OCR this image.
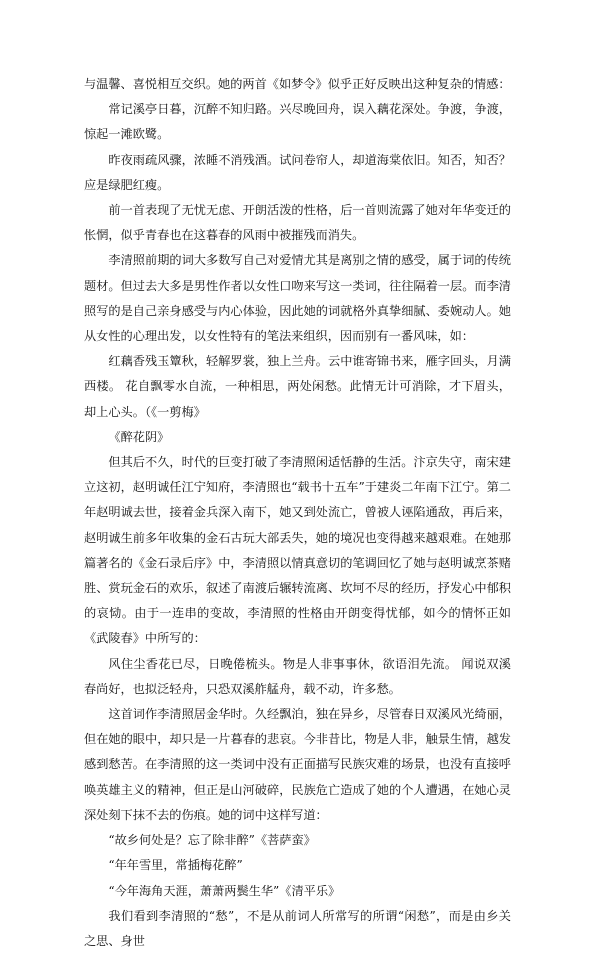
与温馨、喜悦相互交织。她的两首《如梦令》似乎正好反映出这种复杂的情感：

常记溪亭日暮，沉醉不知归路。兴尽晚回舟，误入藕花深处。争渡，争渡，惊起一滩欧鹭。

昨夜雨疏风骤，浓睡不消残酒。试问卷帘人，却道海棠依旧。知否，知否？应是绿肥红瘦。

前一首表现了无忧无虑、开朗活泼的性格，后一首则流露了她对年华变迁的怅惘，似乎青春也在这暮春的风雨中被摧残而消失。

李清照前期的词大多数写自己对爱情尤其是离别之情的感受，属于词的传统题材。但过去大多是男性作者以女性口吻来写这一类词，往往隔着一层。而李清照写的是自己亲身感受与内心体验，因此她的词就格外真挚细腻、委婉动人。她从女性的心理出发，以女性特有的笔法来组织，因而别有一番风味，如：

红藕香残玉簟秋，轻解罗裳，独上兰舟。云中谁寄锦书来，雁字回头，月满西楼。 花自飘零水自流，一种相思，两处闲愁。此情无计可消除，才下眉头，却上心头。（《一剪梅》

《醉花阴》

但其后不久，时代的巨变打破了李清照闲适恬静的生活。汴京失守，南宋建立这初，赵明诚任江宁知府，李清照也“载书十五车”于建炎二年南下江宁。第二年赵明诚去世，接着金兵深入南下，她又到处流亡，曾被人诬陷通敌，再后来，赵明诚生前多年收集的金石古玩大部丢失，她的境况也变得越来越艰难。在她那篇著名的《金石录后序》中，李清照以情真意切的笔调回忆了她与赵明诚烹茶赌胜、赏玩金石的欢乐，叙述了南渡后辗转流离、坎坷不尽的经历，抒发心中郁积的哀恸。由于一连串的变故，李清照的性格由开朗变得忧郁，如今的情怀正如《武陵春》中所写的：

风住尘香花已尽，日晚倦梳头。物是人非事事休，欲语泪先流。 闻说双溪春尚好，也拟泛轻舟，只恐双溪舴艋舟，载不动，许多愁。

这首词作李清照居金华时。久经飘泊，独在异乡，尽管春日双溪风光绮丽，但在她的眼中，却只是一片暮春的悲哀。今非昔比，物是人非，触景生情，越发感到愁苦。在李清照的这一类词中没有正面描写民族灾难的场景，也没有直接呼唤英雄主义的精神，但正是山河破碎，民族危亡造成了她的个人遭遇，在她心灵深处刻下抹不去的伤痕。她的词中这样写道：

“故乡何处是？忘了除非醉”《菩萨蛮》

“年年雪里，常插梅花醉”

“今年海角天涯，萧萧两鬓生华”《清平乐》

我们看到李清照的“愁”，不是从前词人所常写的所谓“闲愁”，而是由乡关之思、身世
